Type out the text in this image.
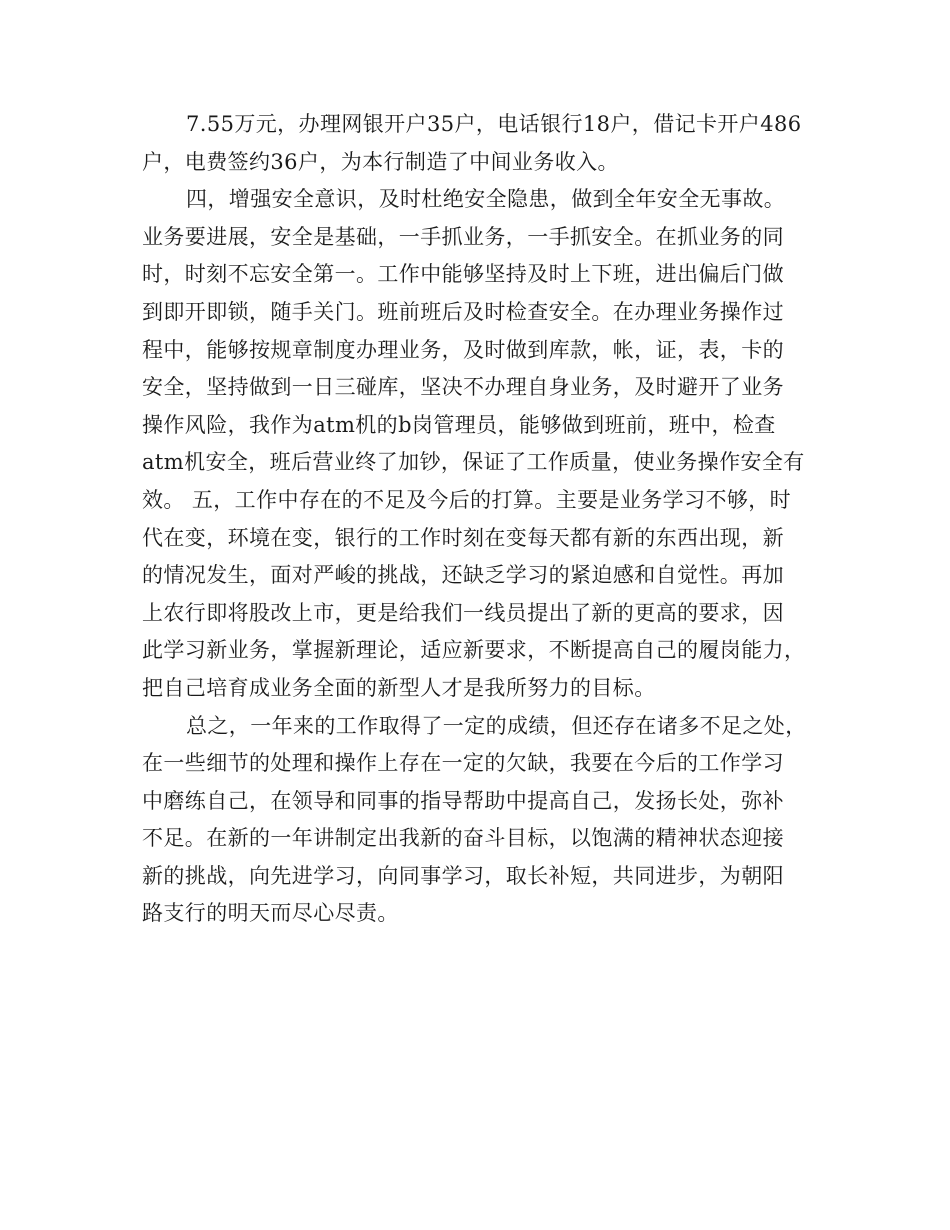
7.55万元，办理网银开户35户，电话银行18户，借记卡开户486
户，电费签约36户，为本行制造了中间业务收入。
四，增强安全意识，及时杜绝安全隐患，做到全年安全无事故。
业务要进展，安全是基础，一手抓业务，一手抓安全。在抓业务的同
时，时刻不忘安全第一。工作中能够坚持及时上下班，进出偏后门做
到即开即锁，随手关门。班前班后及时检查安全。在办理业务操作过
程中，能够按规章制度办理业务，及时做到库款，帐，证，表，卡的
安全，坚持做到一日三碰库，坚决不办理自身业务，及时避开了业务
操作风险，我作为atm机的b岗管理员，能够做到班前，班中，检查
atm机安全，班后营业终了加钞，保证了工作质量，使业务操作安全有
效。 五，工作中存在的不足及今后的打算。主要是业务学习不够，时
代在变，环境在变，银行的工作时刻在变每天都有新的东西出现，新
的情况发生，面对严峻的挑战，还缺乏学习的紧迫感和自觉性。再加
上农行即将股改上市，更是给我们一线员提出了新的更高的要求，因
此学习新业务，掌握新理论，适应新要求，不断提高自己的履岗能力，
把自己培育成业务全面的新型人才是我所努力的目标。
总之，一年来的工作取得了一定的成绩，但还存在诸多不足之处，
在一些细节的处理和操作上存在一定的欠缺，我要在今后的工作学习
中磨练自己，在领导和同事的指导帮助中提高自己，发扬长处，弥补
不足。在新的一年讲制定出我新的奋斗目标，以饱满的精神状态迎接
新的挑战，向先进学习，向同事学习，取长补短，共同进步，为朝阳
路支行的明天而尽心尽责。
